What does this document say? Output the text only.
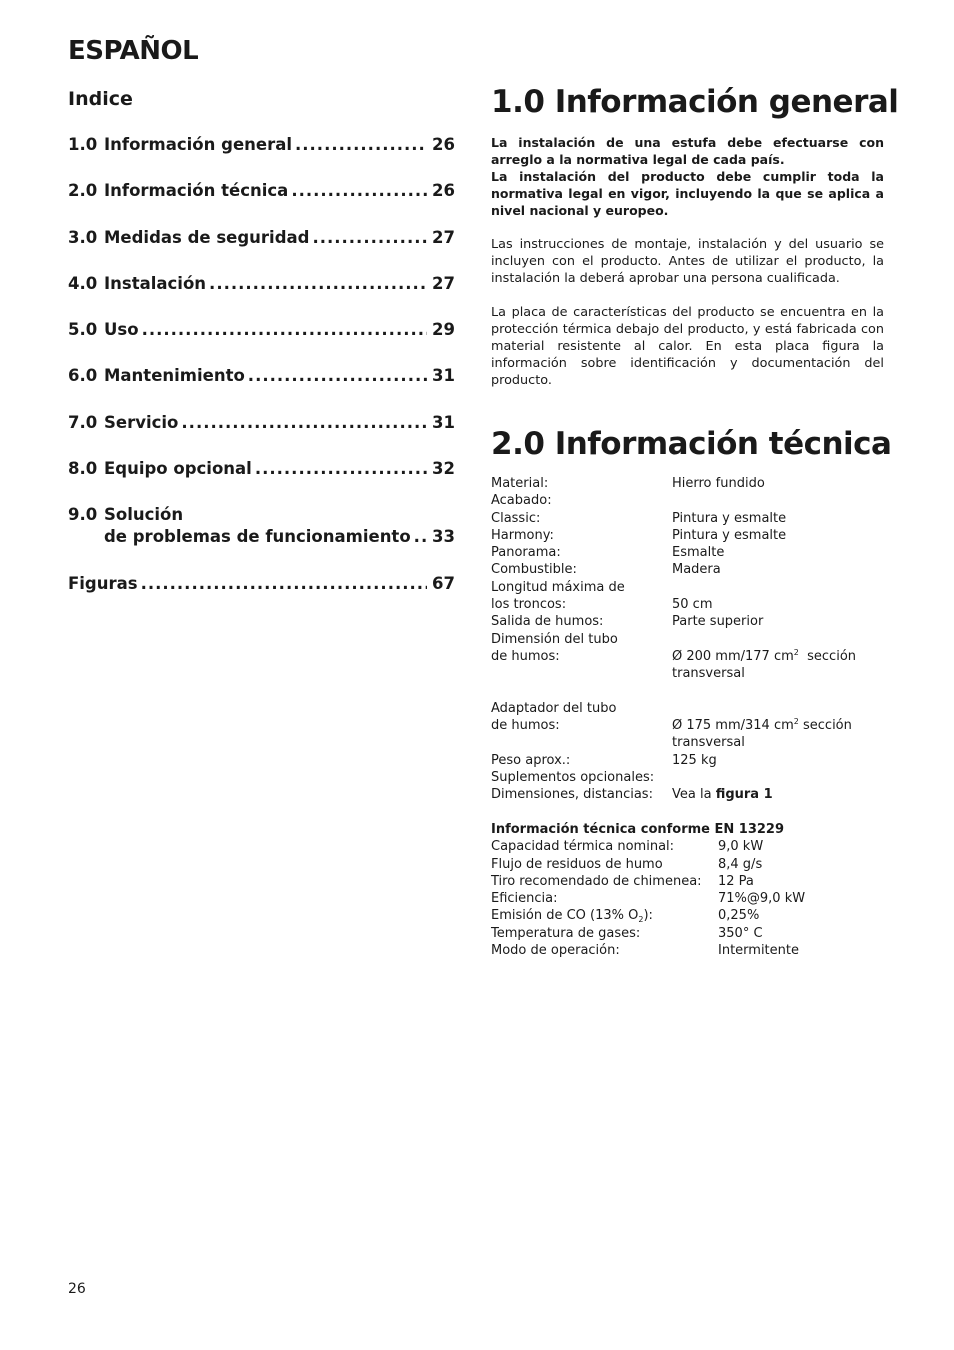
ESPAÑOL
Indice
1.0 Información general .....	26
2.0 Información técnica .....	26
3.0 Medidas de seguridad .....	27
4.0 Instalación .....	27
5.0 Uso .....	29
6.0 Mantenimiento .....	31
7.0 Servicio .....	31
8.0 Equipo opcional .....	32
9.0 Solución
de problemas de funcionamiento ..... 33
Figuras .....	67
1.0 Información general

La instalación de una estufa debe efectuarse con arreglo a la normativa legal de cada país.

La instalación del producto debe cumplir toda la normativa legal en vigor, incluyendo la que se aplica a nivel nacional y europeo.

Las instrucciones de montaje, instalación y del usuario se incluyen con el producto. Antes de utilizar el producto, la instalación la deberá aprobar una persona cualificada.

La placa de características del producto se encuentra en la protección térmica debajo del producto, y está fabricada con material resistente al calor. En esta placa figura la información sobre identificación y documentación del producto.

2.0 Información técnica
Material:	Hierro fundido
Acabado:
Classic:	Pintura y esmalte
Harmony:	Pintura y esmalte
Panorama:	Esmalte
Combustible:	Madera
Longitud máxima de
los troncos:	50 cm
Salida de humos:	Parte superior
Dimensión del tubo
de humos:	Ø 200 mm/177 $cm^2$  sección
transversal
Adaptador del tubo
de humos:	Ø 175 mm/314 $cm^2$ sección
transversal
Peso aprox.:	125 kg
Suplementos opcionales:
Dimensiones, distancias:	Vea la figura 1
Información técnica conforme EN 13229
Capacidad térmica nominal:	9,0 kW
Flujo de residuos de humo	8,4 g/s
Tiro recomendado de chimenea:	12 Pa
Eficiencia:	71%@9,0 kW
Emisión de CO (13% $O_2$):	0,25%
Temperatura de gases:	350° C
Modo de operación:	Intermitente
26
